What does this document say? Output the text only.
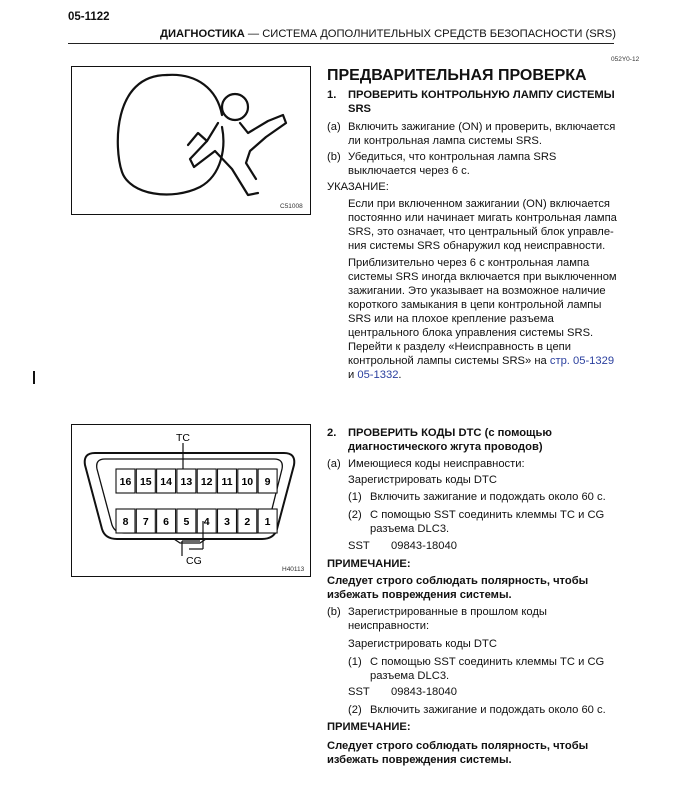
05-1122
ДИАГНОСТИКА — СИСТЕМА ДОПОЛНИТЕЛЬНЫХ СРЕДСТВ БЕЗОПАСНОСТИ (SRS)
052Y0-12
C51008
16 15 14 13 12 11 10 9
8 7 6 5 4 3 2 1
TC
CG
H40113
ПРЕДВАРИТЕЛЬНАЯ ПРОВЕРКА
1. ПРОВЕРИТЬ КОНТРОЛЬНУЮ ЛАМПУ СИСТЕМЫ
SRS
(a) Включить зажигание (ON) и проверить, включается
ли контрольная лампа системы SRS.
(b) Убедиться, что контрольная лампа SRS
выключается через 6 с.
УКАЗАНИЕ:
Если при включенном зажигании (ON) включается
постоянно или начинает мигать контрольная лампа
SRS, это означает, что центральный блок управле-
ния системы SRS обнаружил код неисправности.
Приблизительно через 6 с контрольная лампа
системы SRS иногда включается при выключенном
зажигании. Это указывает на возможное наличие
короткого замыкания в цепи контрольной лампы
SRS или на плохое крепление разъема
центрального блока управления системы SRS.
Перейти к разделу «Неисправность в цепи
контрольной лампы системы SRS» на стр. 05-1329
и 05-1332.
2. ПРОВЕРИТЬ КОДЫ DTC (с помощью
диагностического жгута проводов)
(a) Имеющиеся коды неисправности:
Зарегистрировать коды DTC
(1) Включить зажигание и подождать около 60 с.
(2) С помощью SST соединить клеммы TC и CG
разъема DLC3.
SST 09843-18040
ПРИМЕЧАНИЕ:
Следует строго соблюдать полярность, чтобы
избежать повреждения системы.
(b) Зарегистрированные в прошлом коды
неисправности:
Зарегистрировать коды DTC
(1) С помощью SST соединить клеммы TC и CG
разъема DLC3.
SST 09843-18040
(2) Включить зажигание и подождать около 60 с.
ПРИМЕЧАНИЕ:
Следует строго соблюдать полярность, чтобы
избежать повреждения системы.
